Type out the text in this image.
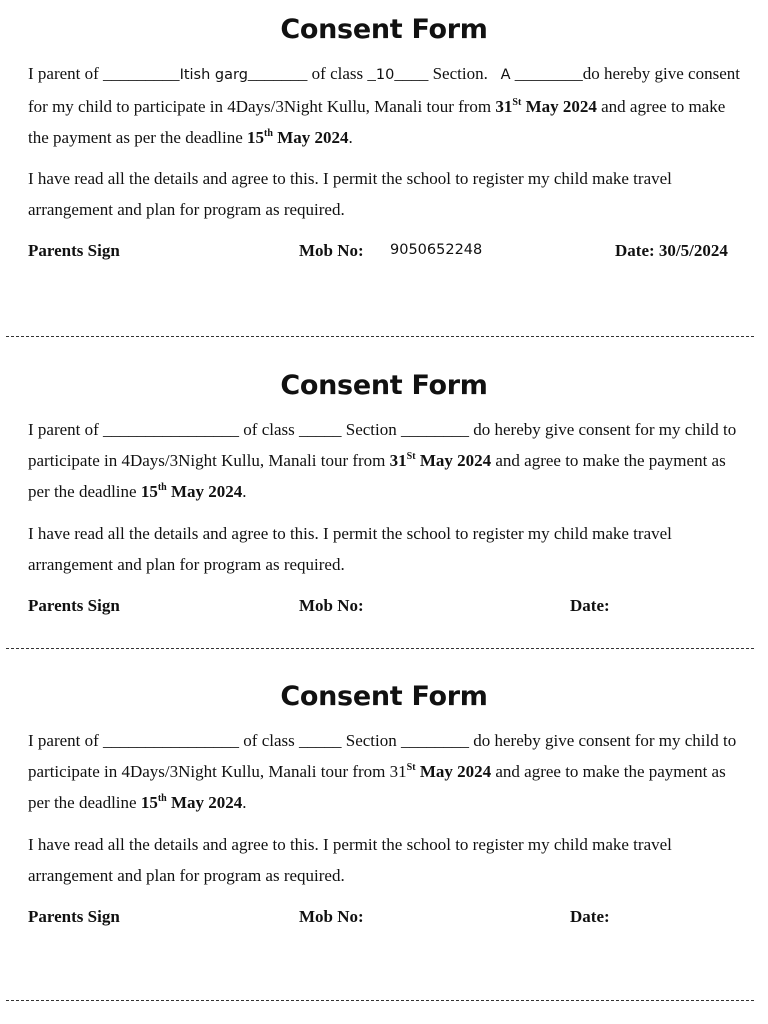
Consent Form

I parent of _________Itish garg_______ of class _10____ Section. A ________do hereby give consent for my child to participate in 4Days/3Night Kullu, Manali tour from 31St May 2024 and agree to make the payment as per the deadline 15th May 2024.

I have read all the details and agree to this. I permit the school to register my child make travel arrangement and plan for program as required.

Parents Sign	Mob No: 9050652248	Date: 30/5/2024
Consent Form

I parent of ________________ of class _____ Section ________ do hereby give consent for my child to participate in 4Days/3Night Kullu, Manali tour from 31St May 2024 and agree to make the payment as per the deadline 15th May 2024.

I have read all the details and agree to this. I permit the school to register my child make travel arrangement and plan for program as required.

Parents Sign	Mob No:	Date:
Consent Form

I parent of ________________ of class _____ Section ________ do hereby give consent for my child to participate in 4Days/3Night Kullu, Manali tour from 31St May 2024 and agree to make the payment as per the deadline 15th May 2024.

I have read all the details and agree to this. I permit the school to register my child make travel arrangement and plan for program as required.

Parents Sign	Mob No:	Date:
